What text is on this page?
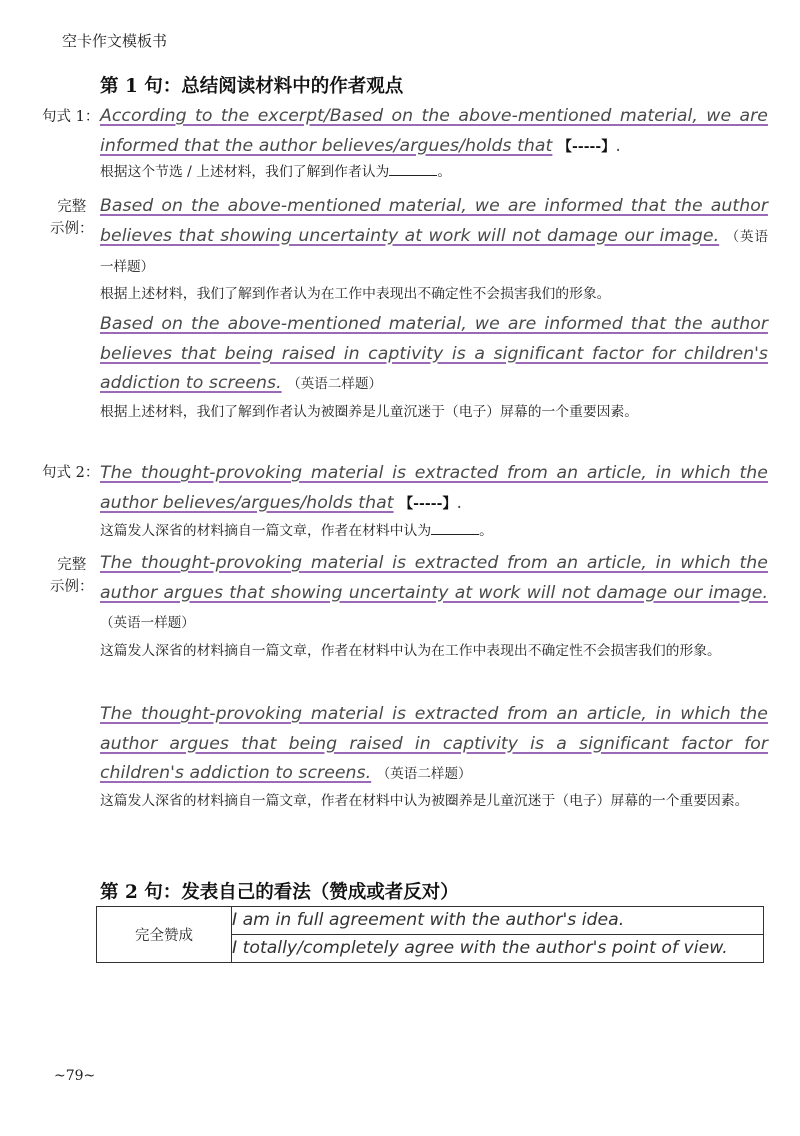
空卡作文模板书
第 1 句：总结阅读材料中的作者观点
句式 1： According to the excerpt/Based on the above-mentioned material, we are informed that the author believes/argues/holds that 【-----】.
根据这个节选 / 上述材料，我们了解到作者认为	。
完整
示例：
Based on the above-mentioned material, we are informed that the author believes that showing uncertainty at work will not damage our image. （英语一样题）
根据上述材料，我们了解到作者认为在工作中表现出不确定性不会损害我们的形象。
Based on the above-mentioned material, we are informed that the author believes that being raised in captivity is a significant factor for children's addiction to screens. （英语二样题）
根据上述材料，我们了解到作者认为被圈养是儿童沉迷于（电子）屏幕的一个重要因素。
句式 2： The thought-provoking material is extracted from an article, in which the author believes/argues/holds that 【-----】.
这篇发人深省的材料摘自一篇文章，作者在材料中认为	。
完整
示例：
The thought-provoking material is extracted from an article, in which the author argues that showing uncertainty at work will not damage our image. （英语一样题）
这篇发人深省的材料摘自一篇文章，作者在材料中认为在工作中表现出不确定性不会损害我们的形象。
The thought-provoking material is extracted from an article, in which the author argues that being raised in captivity is a significant factor for children's addiction to screens. （英语二样题）
这篇发人深省的材料摘自一篇文章，作者在材料中认为被圈养是儿童沉迷于（电子）屏幕的一个重要因素。
第 2 句：发表自己的看法（赞成或者反对）
完全赞成	I am in full agreement with the author's idea.
I totally/completely agree with the author's point of view.
~79~
